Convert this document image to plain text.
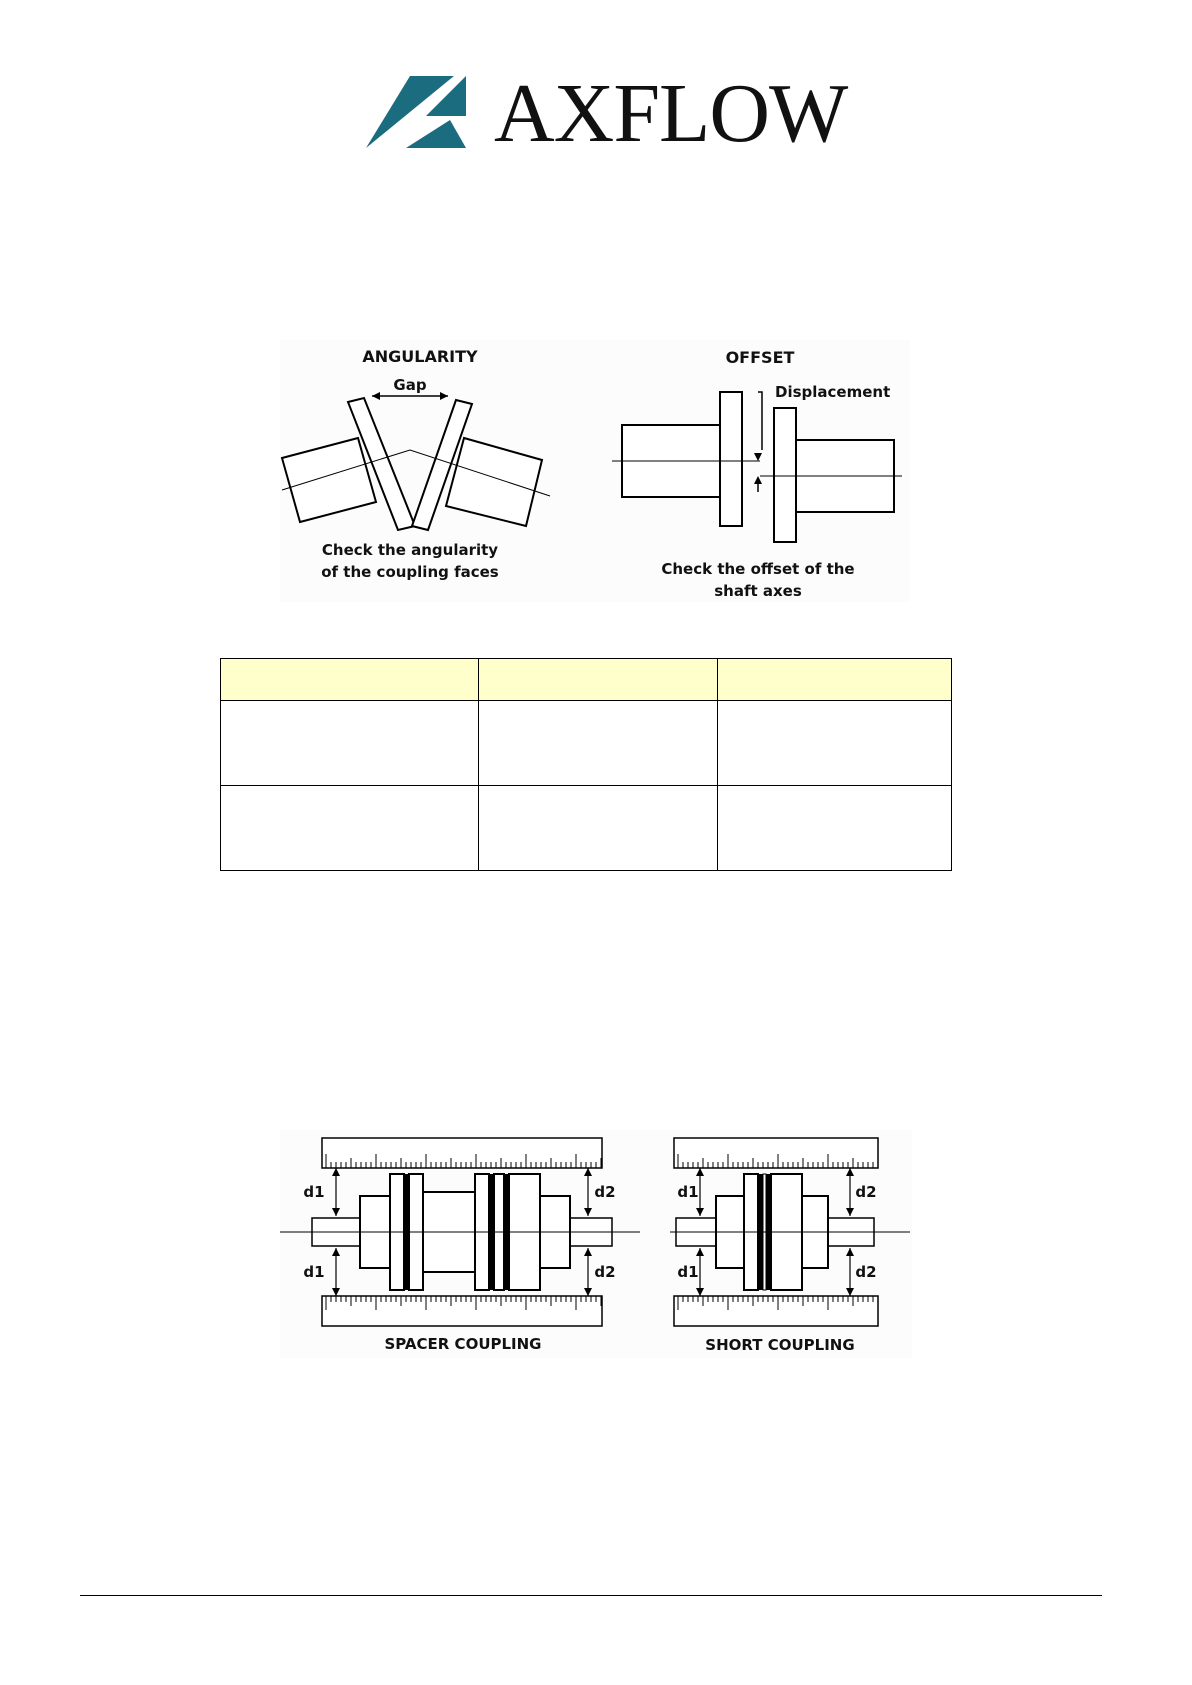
AXFLOW
ANGULARITY
Gap
Check the angularity
of the coupling faces
OFFSET
Displacement
Check the offset of the
shaft axes

d1
d1
d2
d2
SPACER COUPLING
d1
d1
d2
d2
SHORT COUPLING
